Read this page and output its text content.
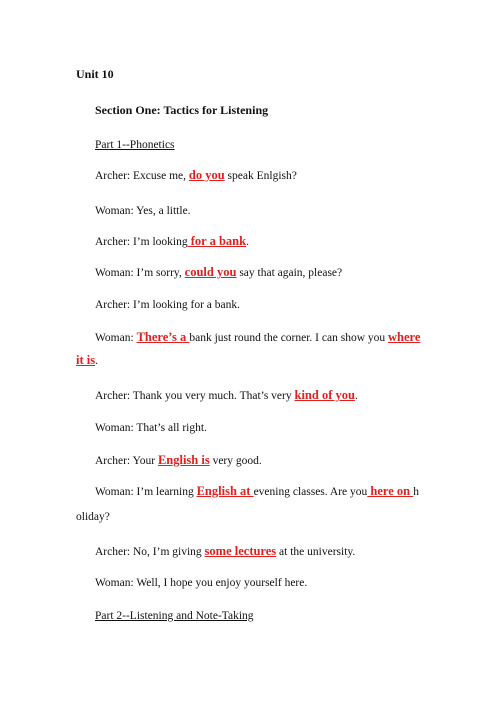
Unit 10
Section One: Tactics for Listening
Part 1--Phonetics
Archer: Excuse me, do you speak Enlgish?
Woman: Yes, a little.
Archer: I’m looking for a bank.
Woman: I’m sorry, could you say that again, please?
Archer: I’m looking for a bank.
Woman: There’s a bank just round the corner. I can show you where
it is.
Archer: Thank you very much. That’s very kind of you.
Woman: That’s all right.
Archer: Your English is very good.
Woman: I’m learning English at evening classes. Are you here on h
oliday?
Archer: No, I’m giving some lectures at the university.
Woman: Well, I hope you enjoy yourself here.
Part 2--Listening and Note-Taking
